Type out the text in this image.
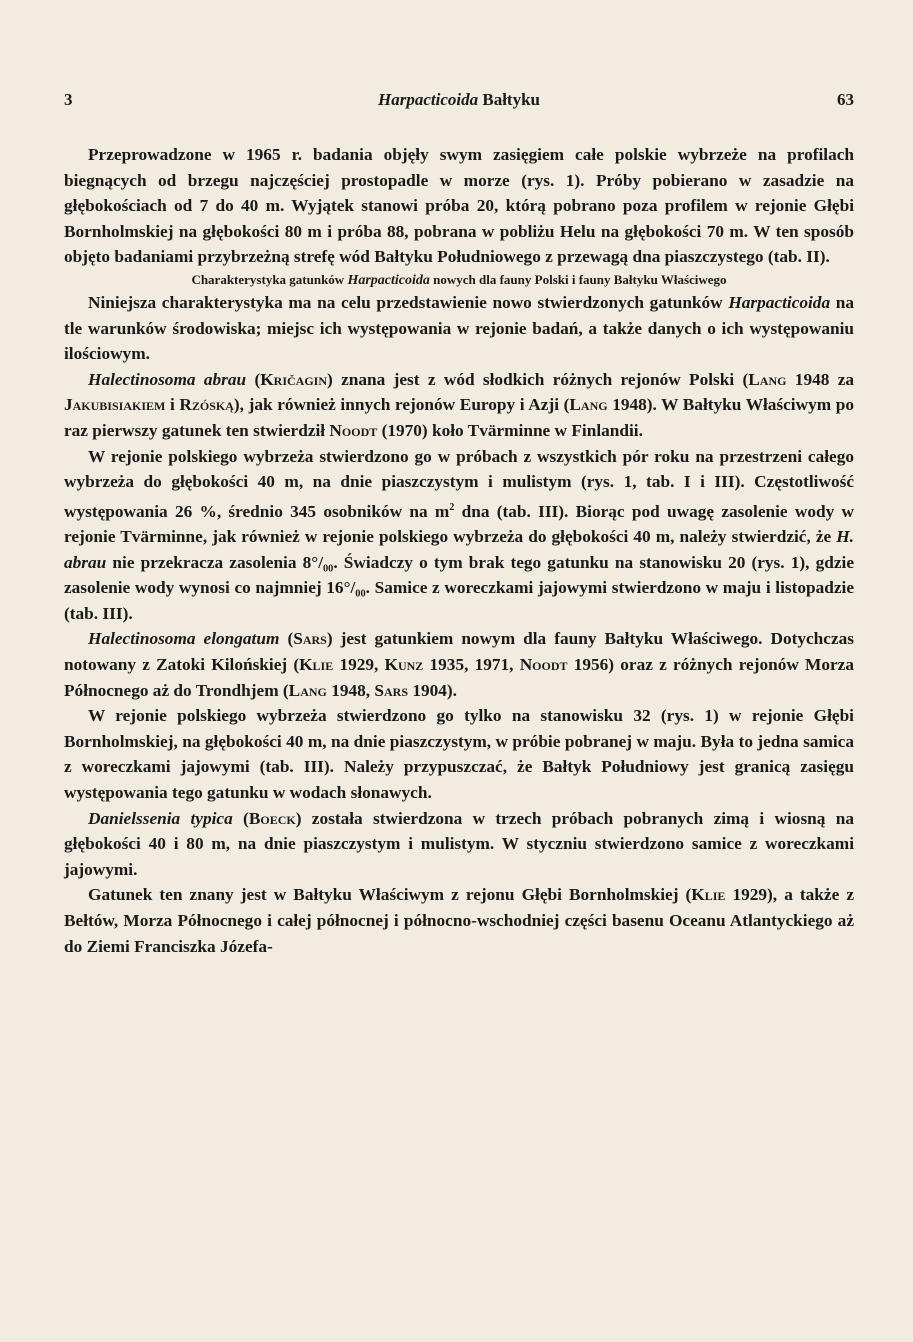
3	Harpacticoida Bałtyku	63

Przeprowadzone w 1965 r. badania objęły swym zasięgiem całe polskie wybrzeże na profilach biegnących od brzegu najczęściej prostopadle w morze (rys. 1). Próby pobierano w zasadzie na głębokościach od 7 do 40 m. Wyjątek stanowi próba 20, którą pobrano poza profilem w rejonie Głębi Bornholmskiej na głębokości 80 m i próba 88, pobrana w pobliżu Helu na głębokości 70 m. W ten sposób objęto badaniami przybrzeżną strefę wód Bałtyku Południowego z przewagą dna piaszczystego (tab. II).

Charakterystyka gatunków Harpacticoida nowych dla fauny Polski i fauny Bałtyku Właściwego

Niniejsza charakterystyka ma na celu przedstawienie nowo stwierdzonych gatunków Harpacticoida na tle warunków środowiska; miejsc ich występowania w rejonie badań, a także danych o ich występowaniu ilościowym.

Halectinosoma abrau (Kričagin) znana jest z wód słodkich różnych rejonów Polski (Lang 1948 za Jakubisiakiem i Rzóską), jak również innych rejonów Europy i Azji (Lang 1948). W Bałtyku Właściwym po raz pierwszy gatunek ten stwierdził Noodt (1970) koło Tvärminne w Finlandii.

W rejonie polskiego wybrzeża stwierdzono go w próbach z wszystkich pór roku na przestrzeni całego wybrzeża do głębokości 40 m, na dnie piaszczystym i mulistym (rys. 1, tab. I i III). Częstotliwość występowania 26 %, średnio 345 osobników na $m^2$ dna (tab. III). Biorąc pod uwagę zasolenie wody w rejonie Tvärminne, jak również w rejonie polskiego wybrzeża do głębokości 40 m, należy stwierdzić, że H. abrau nie przekracza zasolenia 8°/₀₀. Świadczy o tym brak tego gatunku na stanowisku 20 (rys. 1), gdzie zasolenie wody wynosi co najmniej 16°/₀₀. Samice z woreczkami jajowymi stwierdzono w maju i listopadzie (tab. III).

Halectinosoma elongatum (Sars) jest gatunkiem nowym dla fauny Bałtyku Właściwego. Dotychczas notowany z Zatoki Kilońskiej (Klie 1929, Kunz 1935, 1971, Noodt 1956) oraz z różnych rejonów Morza Północnego aż do Trondhjem (Lang 1948, Sars 1904).

W rejonie polskiego wybrzeża stwierdzono go tylko na stanowisku 32 (rys. 1) w rejonie Głębi Bornholmskiej, na głębokości 40 m, na dnie piaszczystym, w próbie pobranej w maju. Była to jedna samica z woreczkami jajowymi (tab. III). Należy przypuszczać, że Bałtyk Południowy jest granicą zasięgu występowania tego gatunku w wodach słonawych.

Danielssenia typica (Boeck) została stwierdzona w trzech próbach pobranych zimą i wiosną na głębokości 40 i 80 m, na dnie piaszczystym i mulistym. W styczniu stwierdzono samice z woreczkami jajowymi.

Gatunek ten znany jest w Bałtyku Właściwym z rejonu Głębi Bornholmskiej (Klie 1929), a także z Bełtów, Morza Północnego i całej północnej i północno-wschodniej części basenu Oceanu Atlantyckiego aż do Ziemi Franciszka Józefa-
